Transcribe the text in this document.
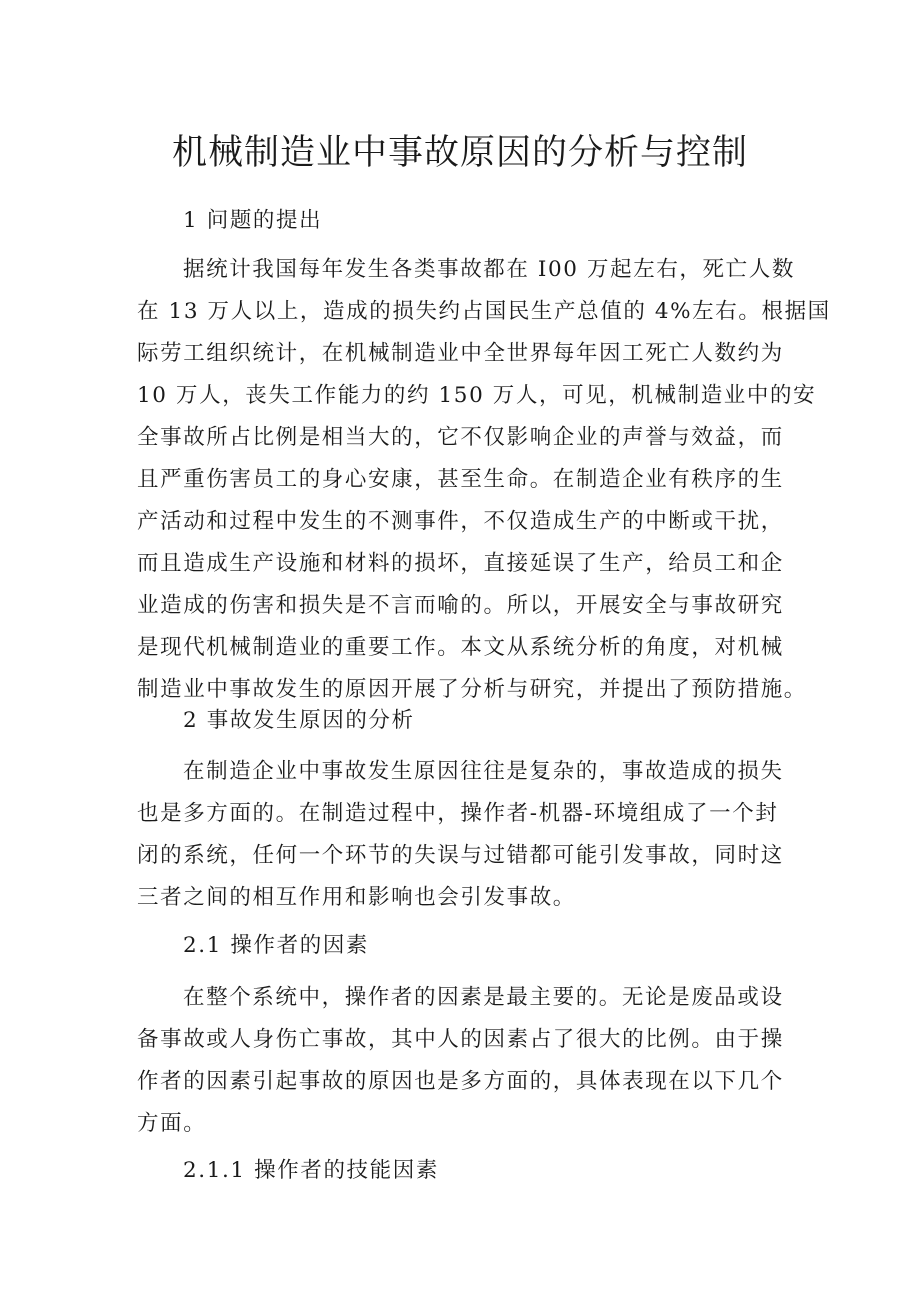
机械制造业中事故原因的分析与控制
1 问题的提出
据统计我国每年发生各类事故都在 I00 万起左右，死亡人数
在 13 万人以上，造成的损失约占国民生产总值的 4%左右。根据国
际劳工组织统计，在机械制造业中全世界每年因工死亡人数约为
10 万人，丧失工作能力的约 150 万人，可见，机械制造业中的安
全事故所占比例是相当大的，它不仅影响企业的声誉与效益，而
且严重伤害员工的身心安康，甚至生命。在制造企业有秩序的生
产活动和过程中发生的不测事件，不仅造成生产的中断或干扰，
而且造成生产设施和材料的损坏，直接延误了生产，给员工和企
业造成的伤害和损失是不言而喻的。所以，开展安全与事故研究
是现代机械制造业的重要工作。本文从系统分析的角度，对机械
制造业中事故发生的原因开展了分析与研究，并提出了预防措施。
2 事故发生原因的分析
在制造企业中事故发生原因往往是复杂的，事故造成的损失
也是多方面的。在制造过程中，操作者-机器-环境组成了一个封
闭的系统，任何一个环节的失误与过错都可能引发事故，同时这
三者之间的相互作用和影响也会引发事故。
2.1 操作者的因素
在整个系统中，操作者的因素是最主要的。无论是废品或设
备事故或人身伤亡事故，其中人的因素占了很大的比例。由于操
作者的因素引起事故的原因也是多方面的，具体表现在以下几个
方面。
2.1.1 操作者的技能因素
